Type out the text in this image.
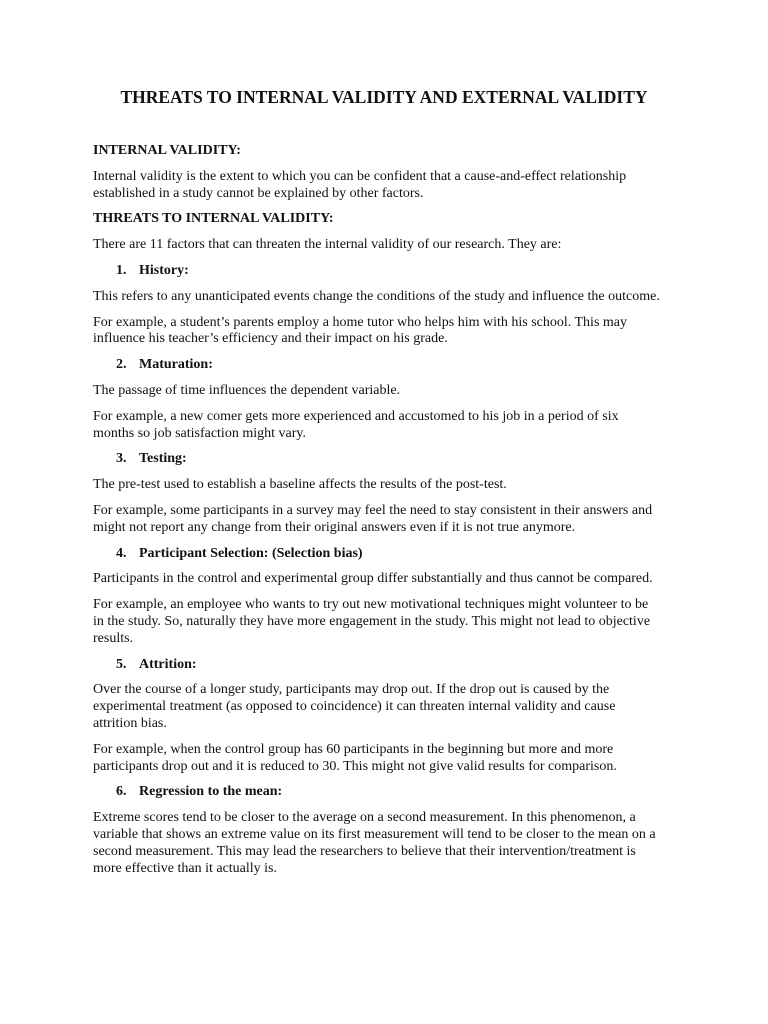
THREATS TO INTERNAL VALIDITY AND EXTERNAL VALIDITY

INTERNAL VALIDITY:

Internal validity is the extent to which you can be confident that a cause-and-effect relationship established in a study cannot be explained by other factors.

THREATS TO INTERNAL VALIDITY:

There are 11 factors that can threaten the internal validity of our research. They are:

1. History:

This refers to any unanticipated events change the conditions of the study and influence the outcome.

For example, a student’s parents employ a home tutor who helps him with his school. This may influence his teacher’s efficiency and their impact on his grade.

2. Maturation:

The passage of time influences the dependent variable.

For example, a new comer gets more experienced and accustomed to his job in a period of six months so job satisfaction might vary.

3. Testing:

The pre-test used to establish a baseline affects the results of the post-test.

For example, some participants in a survey may feel the need to stay consistent in their answers and might not report any change from their original answers even if it is not true anymore.

4. Participant Selection: (Selection bias)

Participants in the control and experimental group differ substantially and thus cannot be compared.

For example, an employee who wants to try out new motivational techniques might volunteer to be in the study. So, naturally they have more engagement in the study. This might not lead to objective results.

5. Attrition:

Over the course of a longer study, participants may drop out. If the drop out is caused by the experimental treatment (as opposed to coincidence) it can threaten internal validity and cause attrition bias.

For example, when the control group has 60 participants in the beginning but more and more participants drop out and it is reduced to 30. This might not give valid results for comparison.

6. Regression to the mean:

Extreme scores tend to be closer to the average on a second measurement. In this phenomenon, a variable that shows an extreme value on its first measurement will tend to be closer to the mean on a second measurement. This may lead the researchers to believe that their intervention/treatment is more effective than it actually is.
